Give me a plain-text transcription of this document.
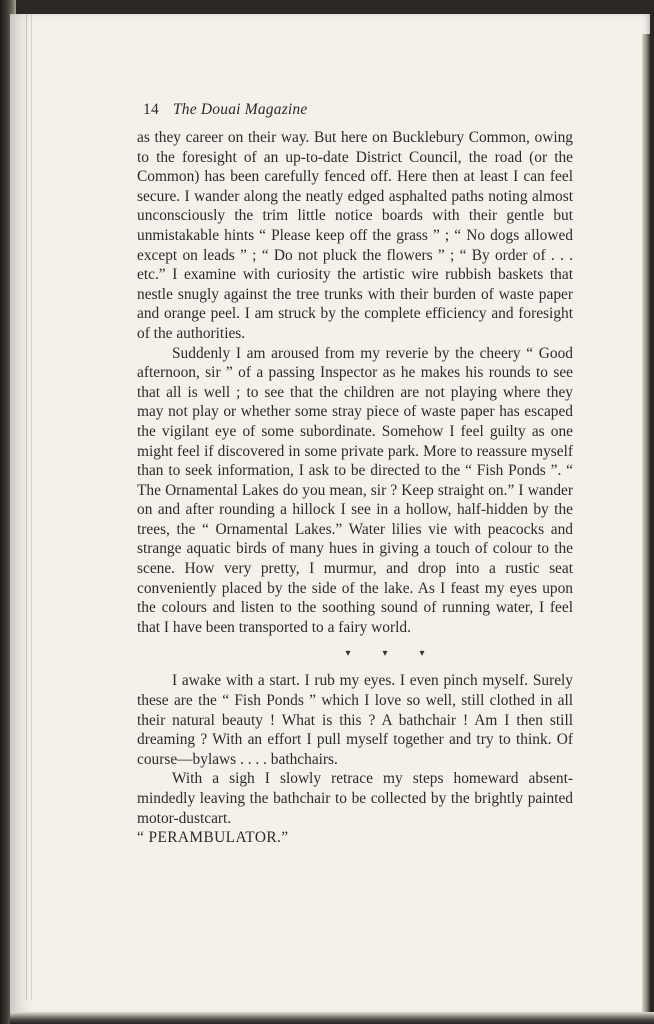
14 The Douai Magazine

as they career on their way. But here on Bucklebury Common, owing to the foresight of an up-to-date District Council, the road (or the Common) has been carefully fenced off. Here then at least I can feel secure. I wander along the neatly edged asphalted paths noting almost unconsciously the trim little notice boards with their gentle but unmistakable hints “ Please keep off the grass ” ; “ No dogs allowed except on leads ” ; “ Do not pluck the flowers ” ; “ By order of . . . etc.” I examine with curiosity the artistic wire rubbish baskets that nestle snugly against the tree trunks with their burden of waste paper and orange peel. I am struck by the complete efficiency and foresight of the authorities.

Suddenly I am aroused from my reverie by the cheery “ Good afternoon, sir ” of a passing Inspector as he makes his rounds to see that all is well ; to see that the children are not playing where they may not play or whether some stray piece of waste paper has escaped the vigilant eye of some subordinate. Somehow I feel guilty as one might feel if discovered in some private park. More to reassure myself than to seek information, I ask to be directed to the “ Fish Ponds ”. “ The Ornamental Lakes do you mean, sir ? Keep straight on.” I wander on and after rounding a hillock I see in a hollow, half-hidden by the trees, the “ Ornamental Lakes.” Water lilies vie with peacocks and strange aquatic birds of many hues in giving a touch of colour to the scene. How very pretty, I murmur, and drop into a rustic seat conveniently placed by the side of the lake. As I feast my eyes upon the colours and listen to the soothing sound of running water, I feel that I have been transported to a fairy world.

▾	▾	▾

I awake with a start. I rub my eyes. I even pinch myself. Surely these are the “ Fish Ponds ” which I love so well, still clothed in all their natural beauty ! What is this ? A bathchair ! Am I then still dreaming ? With an effort I pull myself together and try to think. Of course—bylaws . . . . bathchairs.

With a sigh I slowly retrace my steps homeward absent-mindedly leaving the bathchair to be collected by the brightly painted motor-dustcart.

“ PERAMBULATOR.”
